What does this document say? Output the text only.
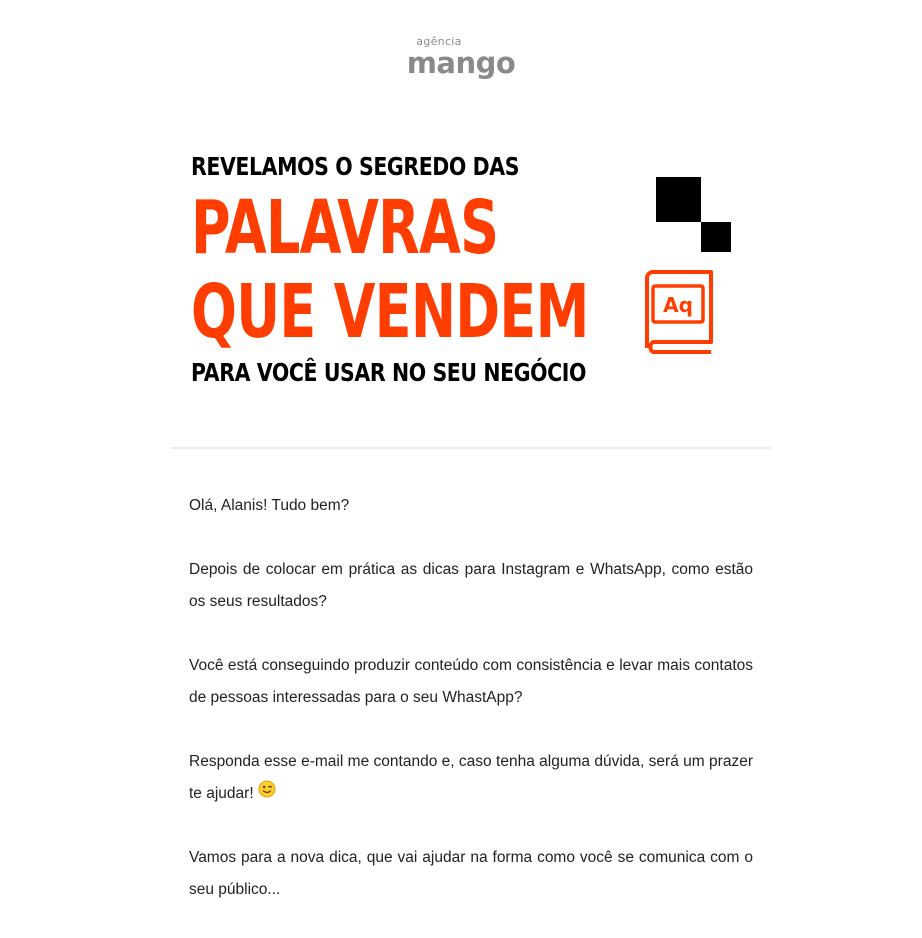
agência
mango
REVELAMOS O SEGREDO DAS
PALAVRAS
QUE VENDEM
PARA VOCÊ USAR NO SEU NEGÓCIO
Aq

Olá, Alanis! Tudo bem?

Depois de colocar em prática as dicas para Instagram e WhatsApp, como estão os seus resultados?

Você está conseguindo produzir conteúdo com consistência e levar mais contatos de pessoas interessadas para o seu WhastApp?

Responda esse e-mail me contando e, caso tenha alguma dúvida, será um prazer te ajudar!

Vamos para a nova dica, que vai ajudar na forma como você se comunica com o seu público...
